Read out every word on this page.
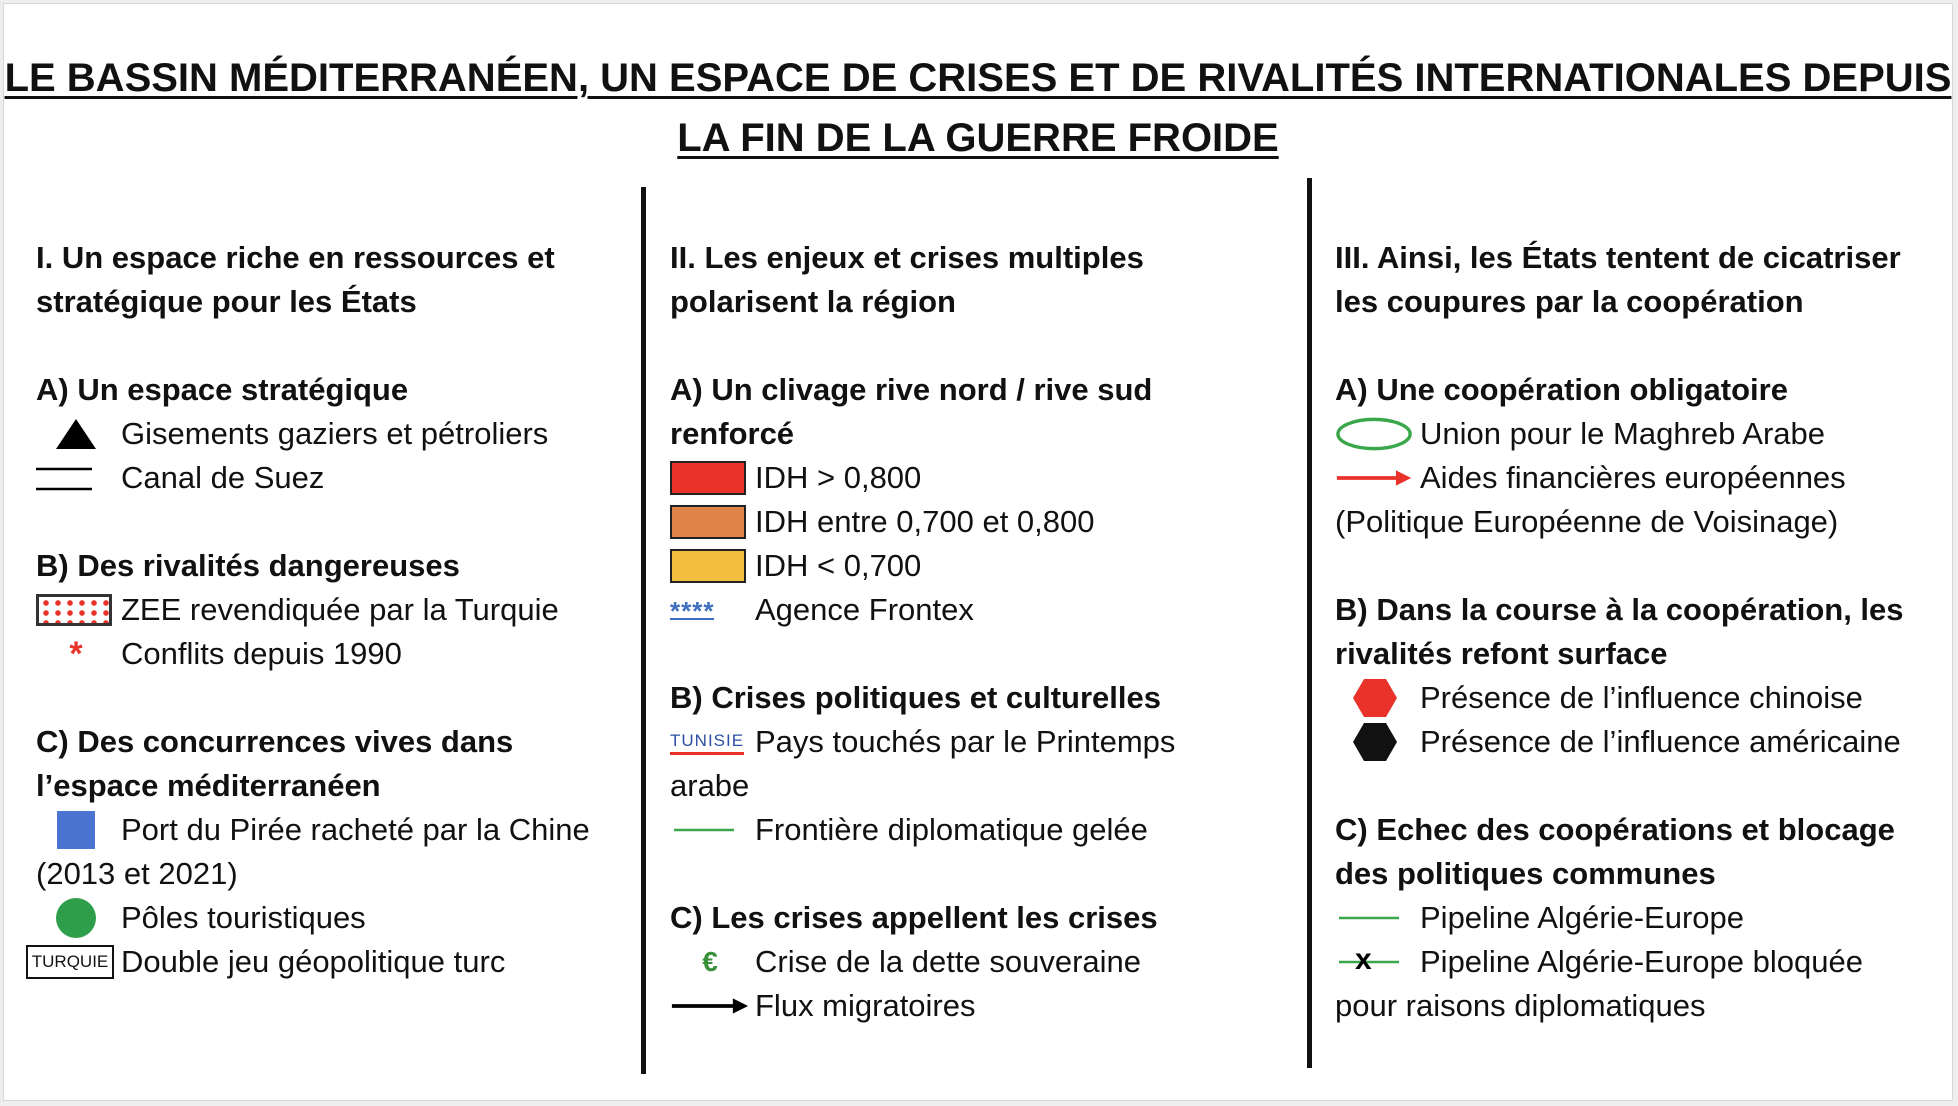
LE BASSIN MÉDITERRANÉEN, UN ESPACE DE CRISES ET DE RIVALITÉS INTERNATIONALES DEPUIS
LA FIN DE LA GUERRE FROIDE

I. Un espace riche en ressources et

stratégique pour les États

A) Un espace stratégique

Gisements gaziers et pétroliers
Canal de Suez

B) Des rivalités dangereuses

ZEE revendiquée par la Turquie
* Conflits depuis 1990

C) Des concurrences vives dans

l’espace méditerranéen

Port du Pirée racheté par la Chine

(2013 et 2021)

Pôles touristiques
TURQUIE Double jeu géopolitique turc

II. Les enjeux et crises multiples

polarisent la région

A) Un clivage rive nord / rive sud

renforcé

IDH > 0,800
IDH entre 0,700 et 0,800
IDH < 0,700
**** Agence Frontex

B) Crises politiques et culturelles

TUNISIE Pays touchés par le Printemps

arabe

Frontière diplomatique gelée

C) Les crises appellent les crises

€ Crise de la dette souveraine
Flux migratoires

III. Ainsi, les États tentent de cicatriser

les coupures par la coopération

A) Une coopération obligatoire

Union pour le Maghreb Arabe
Aides financières européennes

(Politique Européenne de Voisinage)

B) Dans la course à la coopération, les

rivalités refont surface

Présence de l’influence chinoise
Présence de l’influence américaine

C) Echec des coopérations et blocage

des politiques communes

Pipeline Algérie-Europe
x Pipeline Algérie-Europe bloquée

pour raisons diplomatiques
